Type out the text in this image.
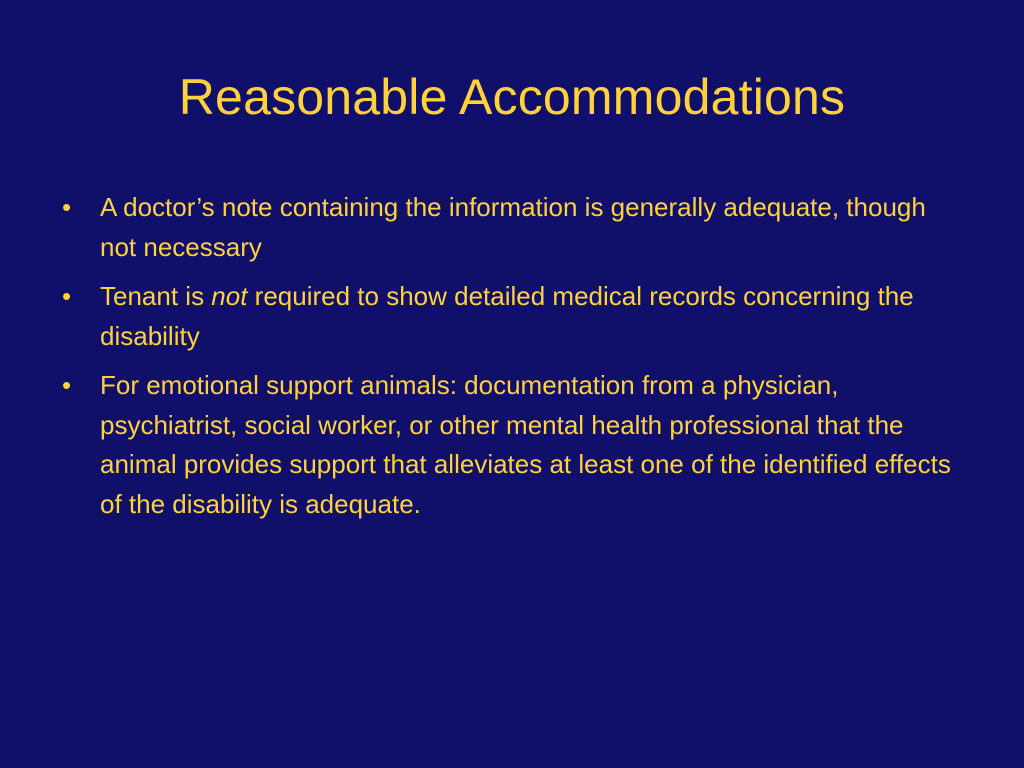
Reasonable Accommodations
•	A doctor’s note containing the information is generally adequate, though not necessary
•	Tenant is not required to show detailed medical records concerning the disability
•	For emotional support animals: documentation from a physician, psychiatrist, social worker, or other mental health professional that the animal provides support that alleviates at least one of the identified effects of the disability is adequate.
